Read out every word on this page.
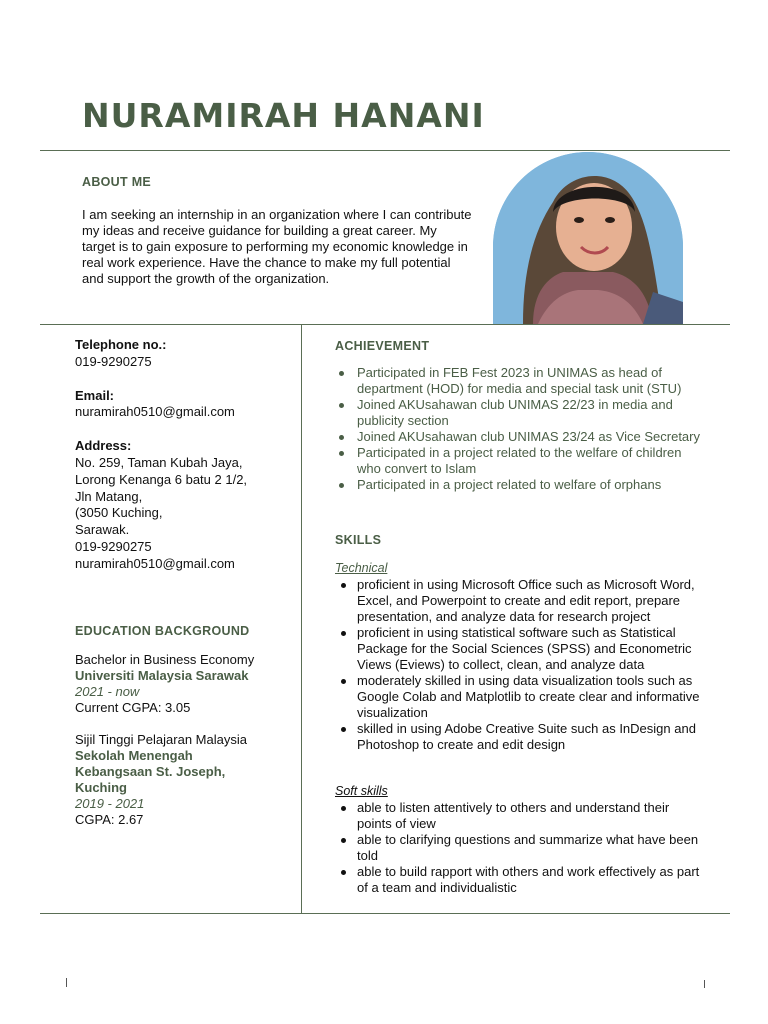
NURAMIRAH HANANI
ABOUT ME

I am seeking an internship in an organization where I can contribute my ideas and receive guidance for building a great career. My target is to gain exposure to performing my economic knowledge in real work experience. Have the chance to make my full potential and support the growth of the organization.

Telephone no.:

019-9290275

Email:

nuramirah0510@gmail.com

Address:

No. 259, Taman Kubah Jaya,

Lorong Kenanga 6 batu 2 1/2,

Jln Matang,

(3050 Kuching,

Sarawak.

019-9290275

nuramirah0510@gmail.com

EDUCATION BACKGROUND
Bachelor in Business Economy
Universiti Malaysia Sarawak
2021 - now
Current CGPA: 3.05
Sijil Tinggi Pelajaran Malaysia
Sekolah Menengah Kebangsaan St. Joseph, Kuching
2019 - 2021
CGPA: 2.67
ACHIEVEMENT
Participated in FEB Fest 2023 in UNIMAS as head of department (HOD) for media and special task unit (STU)
Joined AKUsahawan club UNIMAS 22/23 in media and publicity section
Joined AKUsahawan club UNIMAS 23/24 as Vice Secretary
Participated in a project related to the welfare of children who convert to Islam
Participated in a project related to welfare of orphans
SKILLS

Technical

proficient in using Microsoft Office such as Microsoft Word, Excel, and Powerpoint to create and edit report, prepare presentation, and analyze data for research project
proficient in using statistical software such as Statistical Package for the Social Sciences (SPSS) and Econometric Views (Eviews) to collect, clean, and analyze data
moderately skilled in using data visualization tools such as Google Colab and Matplotlib to create clear and informative visualization
skilled in using Adobe Creative Suite such as InDesign and Photoshop to create and edit design

Soft skills

able to listen attentively to others and understand their points of view
able to clarifying questions and summarize what have been told
able to build rapport with others and work effectively as part of a team and individualistic
